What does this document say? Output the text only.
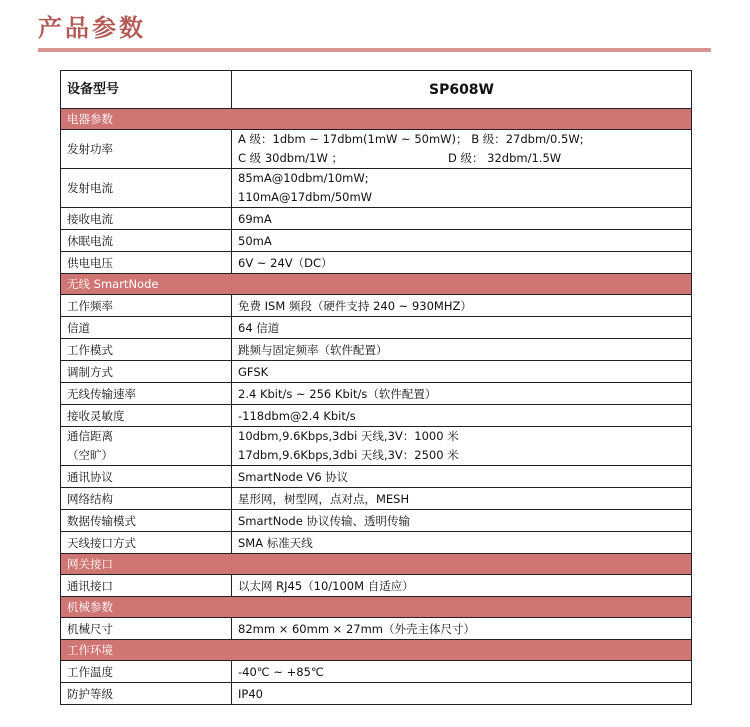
产品参数
设备型号	SP608W
电器参数	
发射功率	A 级：1dbm ~ 17dbm(1mW ~ 50mW)； B 级：27dbm/0.5W;
C 级 30dbm/1W ； D 级： 32dbm/1.5W

发射电流	85mA@10dbm/10mW;
110mA@17dbm/50mW

接收电流	69mA
休眠电流	50mA
供电电压	6V ~ 24V（DC）
无线 SmartNode	
工作频率	免费 ISM 频段（硬件支持 240 ~ 930MHZ）
信道	64 信道
工作模式	跳频与固定频率（软件配置）
调制方式	GFSK
无线传输速率	2.4 Kbit/s ~ 256 Kbit/s（软件配置）
接收灵敏度	-118dbm@2.4 Kbit/s

通信距离
（空旷）	10dbm,9.6Kbps,3dbi 天线,3V：1000 米
17dbm,9.6Kbps,3dbi 天线,3V：2500 米

通讯协议	SmartNode V6 协议
网络结构	星形网，树型网，点对点，MESH
数据传输模式	SmartNode 协议传输、透明传输
天线接口方式	SMA 标准天线
网关接口	
通讯接口	以太网 RJ45（10/100M 自适应）
机械参数	
机械尺寸	82mm × 60mm × 27mm（外壳主体尺寸）
工作环境	
工作温度	-40℃ ~ +85℃
防护等级	IP40
